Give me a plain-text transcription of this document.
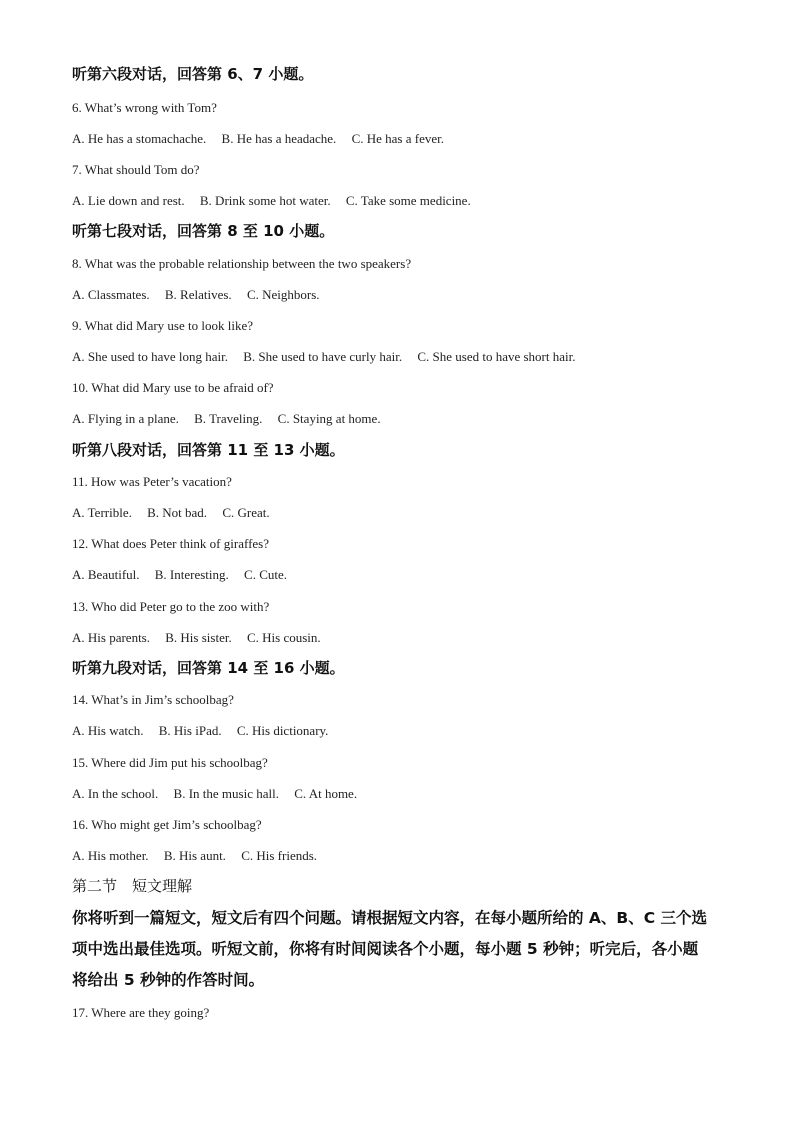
听第六段对话，回答第 6、7 小题。
6. What’s wrong with Tom?
A. He has a stomachache. B. He has a headache. C. He has a fever.
7. What should Tom do?
A. Lie down and rest. B. Drink some hot water. C. Take some medicine.
听第七段对话，回答第 8 至 10 小题。
8. What was the probable relationship between the two speakers?
A. Classmates. B. Relatives. C. Neighbors.
9. What did Mary use to look like?
A. She used to have long hair. B. She used to have curly hair. C. She used to have short hair.
10. What did Mary use to be afraid of?
A. Flying in a plane. B. Traveling. C. Staying at home.
听第八段对话，回答第 11 至 13 小题。
11. How was Peter’s vacation?
A. Terrible. B. Not bad. C. Great.
12. What does Peter think of giraffes?
A. Beautiful. B. Interesting. C. Cute.
13. Who did Peter go to the zoo with?
A. His parents. B. His sister. C. His cousin.
听第九段对话，回答第 14 至 16 小题。
14. What’s in Jim’s schoolbag?
A. His watch. B. His iPad. C. His dictionary.
15. Where did Jim put his schoolbag?
A. In the school. B. In the music hall. C. At home.
16. Who might get Jim’s schoolbag?
A. His mother. B. His aunt. C. His friends.
第二节　短文理解
你将听到一篇短文，短文后有四个问题。请根据短文内容，在每小题所给的 A、B、C 三个选
项中选出最佳选项。听短文前，你将有时间阅读各个小题，每小题 5 秒钟；听完后，各小题
将给出 5 秒钟的作答时间。
17. Where are they going?
